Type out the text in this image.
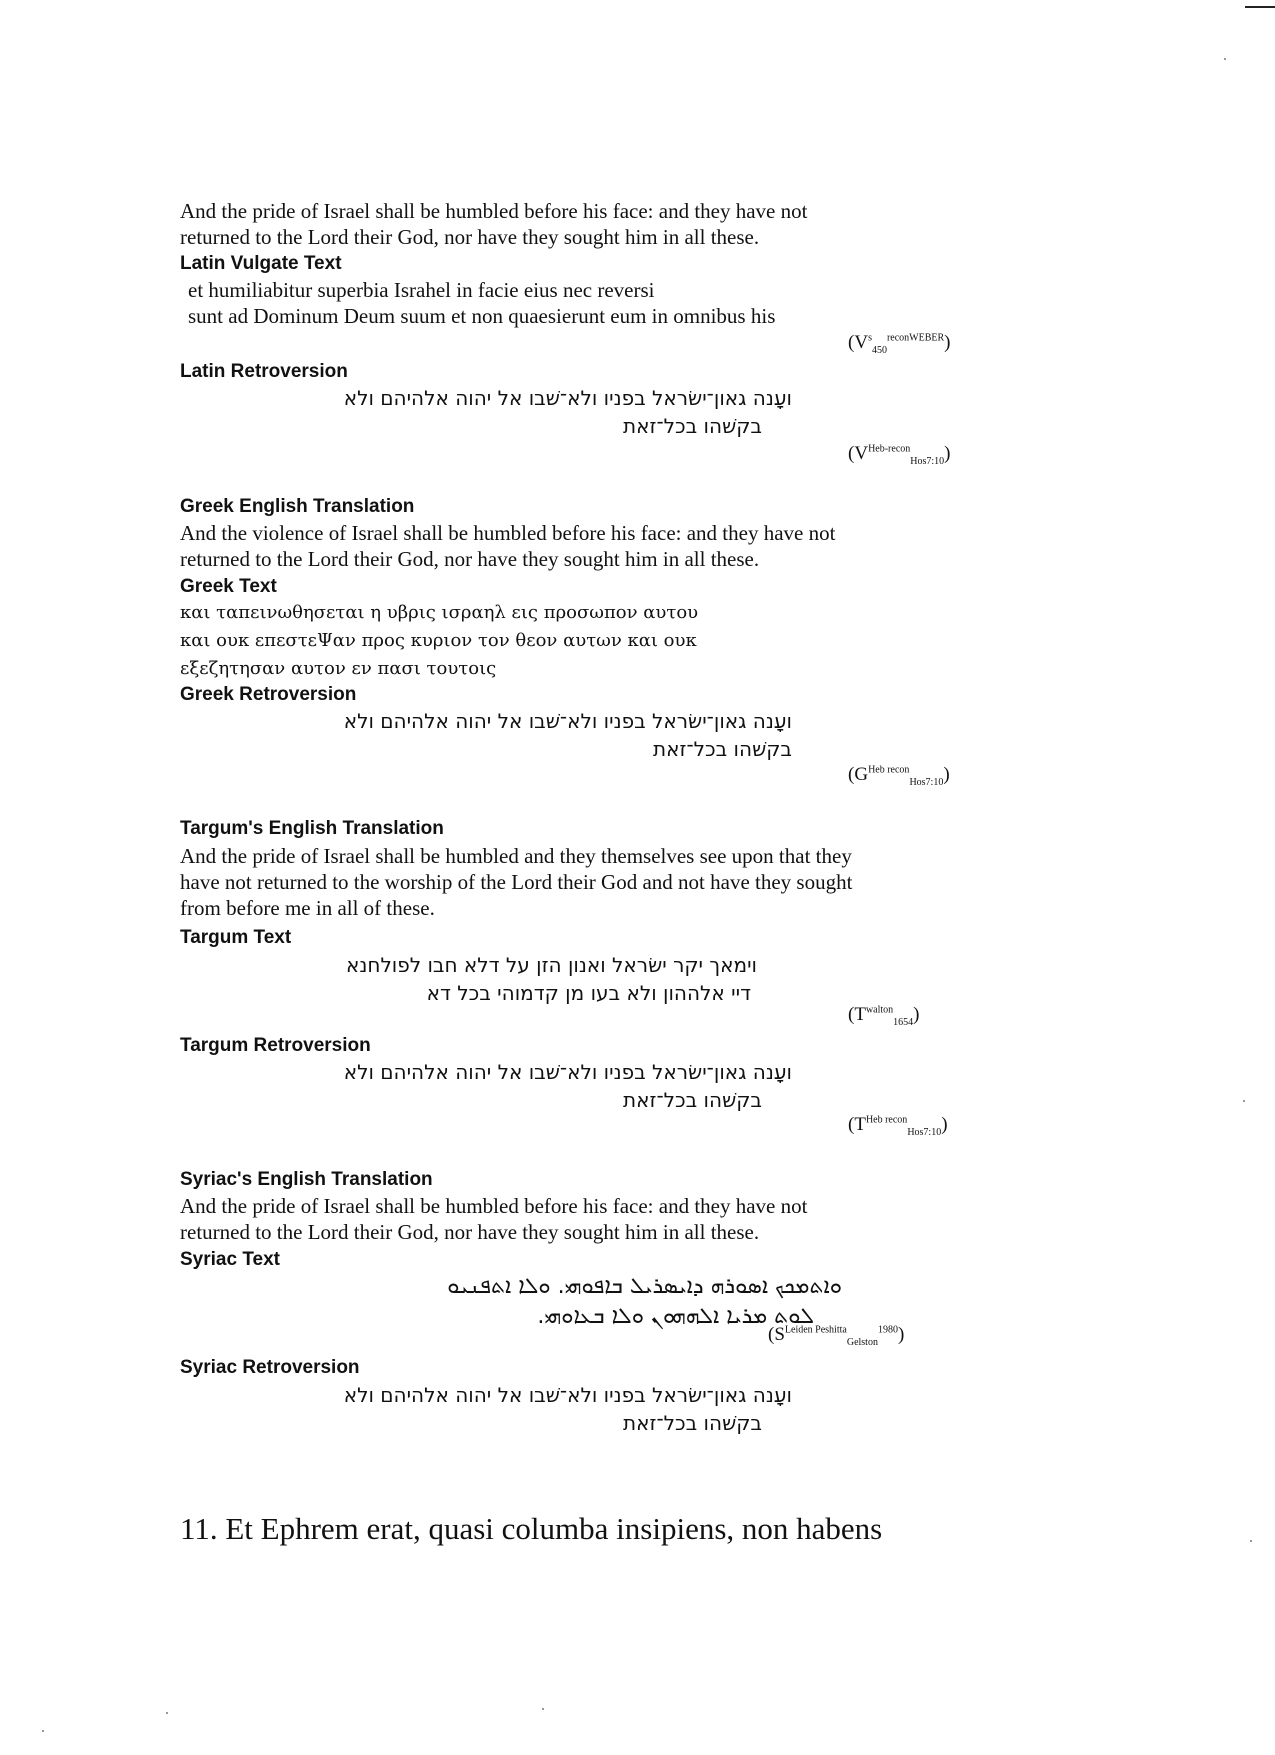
And the pride of Israel shall be humbled before his face: and they have not
returned to the Lord their God, nor have they sought him in all these.
Latin Vulgate Text
et humiliabitur superbia Israhel in facie eius nec reversi
sunt ad Dominum Deum suum et non quaesierunt eum in omnibus his
$(V^s_{450}^{reconWEBER})$
Latin Retroversion
ועָנה גאון־ישׂראל בפניו ולא־שׁבו אל יהוה אלהיהם ולא
בקשׁהו בכל־זאת
$(V^{Heb-recon}_{Hos7:10})$
Greek English Translation
And the violence of Israel shall be humbled before his face: and they have not
returned to the Lord their God, nor have they sought him in all these.
Greek Text
και ταπεινωθησεται η υβρις ισραηλ εις προσωπον αυτου
και ουκ επεστεΨαν προς κυριον τον θεον αυτων και ουκ
εξεζητησαν αυτον εν πασι τουτοις
Greek Retroversion
ועָנה גאון־ישׂראל בפניו ולא־שׁבו אל יהוה אלהיהם ולא
בקשׁהו בכל־זאת
$(G^{Heb recon}_{Hos7:10})$
Targum's English Translation
And the pride of Israel shall be humbled and they themselves see upon that they
have not returned to the worship of the Lord their God and not have they sought
from before me in all of these.
Targum Text
וימאך יקר ישׂראל ואנון הזן על דלא חבו לפולחנא
דיי אלההון ולא בעו מן קדמוהי בכל דא
$(T^{walton}_{1654})$
Targum Retroversion
ועָנה גאון־ישׂראל בפניו ולא־שׁבו אל יהוה אלהיהם ולא
בקשׁהו בכל־זאת
$(T^{Heb recon}_{Hos7:10})$
Syriac's English Translation
And the pride of Israel shall be humbled before his face: and they have not
returned to the Lord their God, nor have they sought him in all these.
Syriac Text
ܘܐܬܡܟܟ ܐܣܘܪܗ ܕܐܝܣܪܝܠ ܒܐܦܘܗܝ. ܘܠܐ ܐܬܦܢܝܘ
ܠܘܬ ܡܪܝܐ ܐܠܗܗܘܢ ܘܠܐ ܒܥܐܘܗܝ.
$(S^{Leiden Peshitta}_{Gelston}^{1980})$
Syriac Retroversion
ועָנה גאון־ישׂראל בפניו ולא־שׁבו אל יהוה אלהיהם ולא
בקשׁהו בכל־זאת
11. Et Ephrem erat, quasi columba insipiens, non habens
